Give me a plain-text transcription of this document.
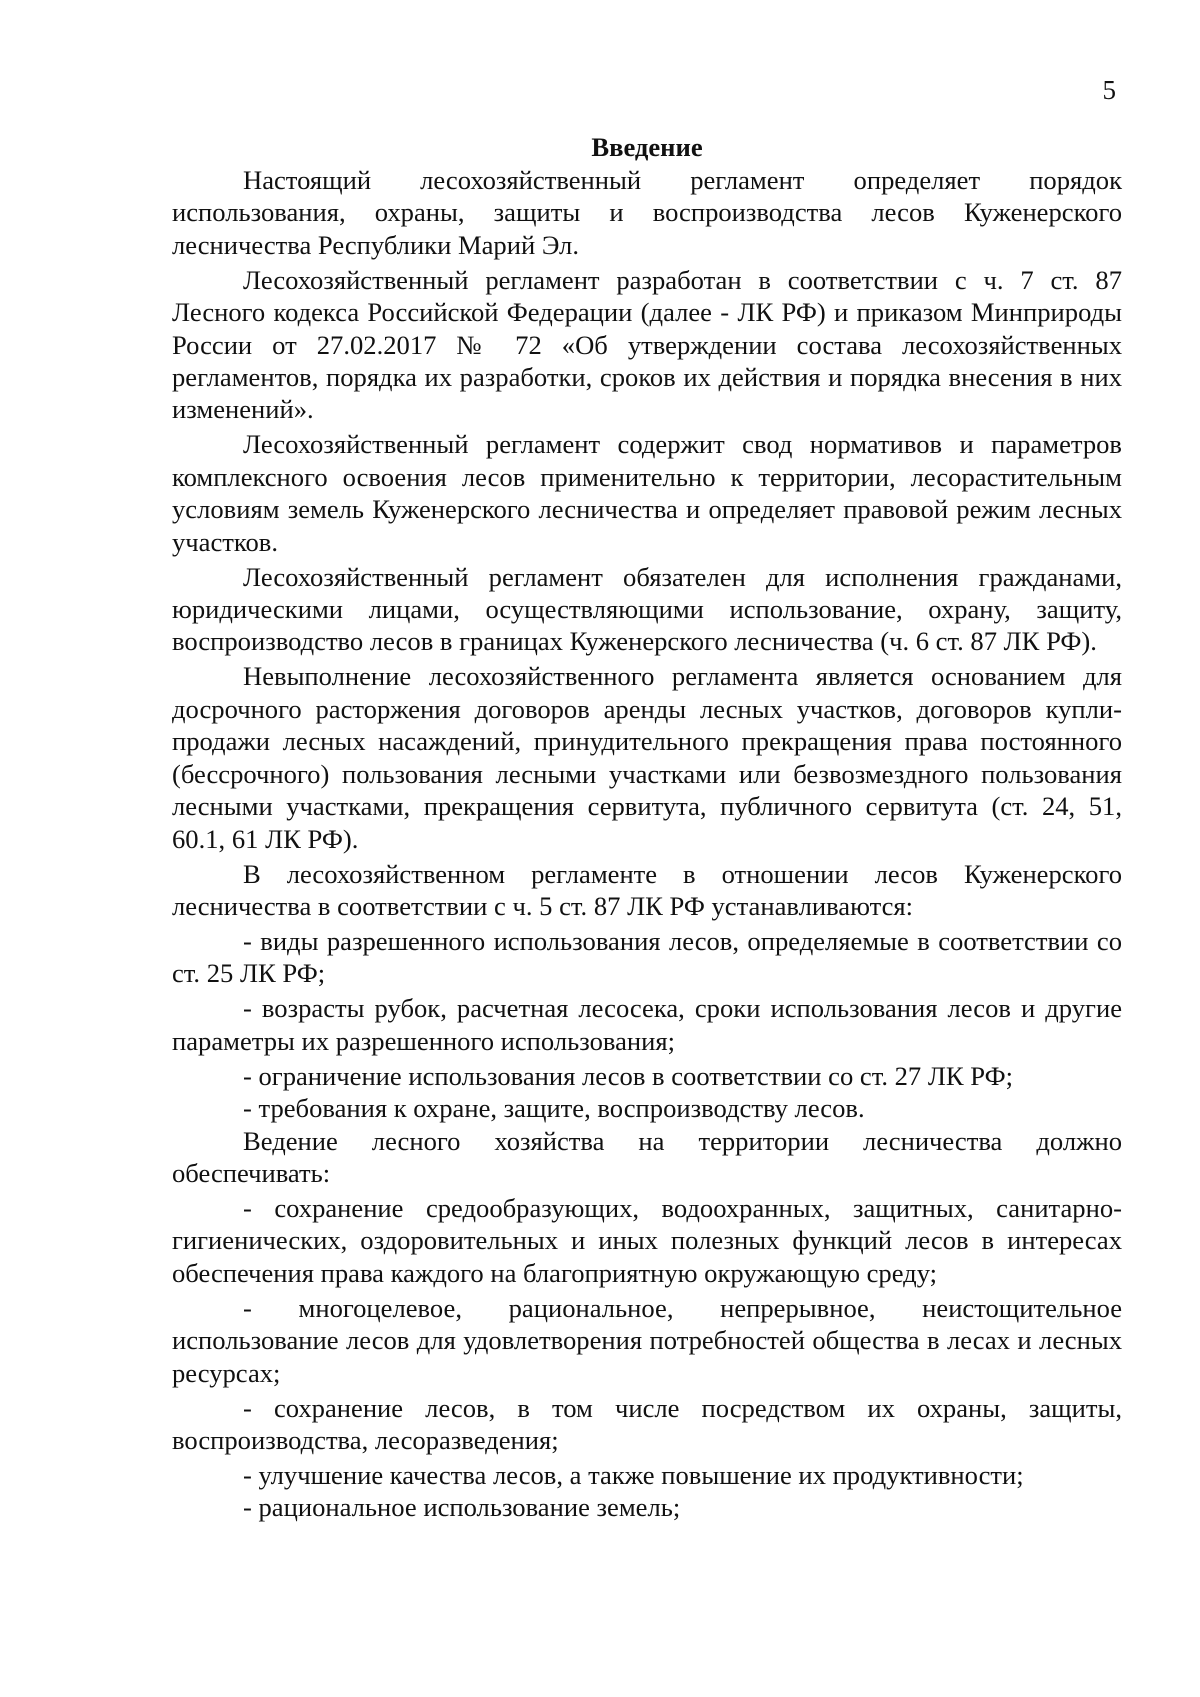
5
Введение

Настоящий лесохозяйственный регламент определяет порядок использования, охраны, защиты и воспроизводства лесов Куженерского лесничества Республики Марий Эл.

Лесохозяйственный регламент разработан в соответствии с ч. 7 ст. 87 Лесного кодекса Российской Федерации (далее - ЛК РФ) и приказом Минприроды России от 27.02.2017 № 72 «Об утверждении состава лесохозяйственных регламентов, порядка их разработки, сроков их действия и порядка внесения в них изменений».

Лесохозяйственный регламент содержит свод нормативов и параметров комплексного освоения лесов применительно к территории, лесорастительным условиям земель Куженерского лесничества и определяет правовой режим лесных участков.

Лесохозяйственный регламент обязателен для исполнения гражданами, юридическими лицами, осуществляющими использование, охрану, защиту, воспроизводство лесов в границах Куженерского лесничества (ч. 6 ст. 87 ЛК РФ).

Невыполнение лесохозяйственного регламента является основанием для досрочного расторжения договоров аренды лесных участков, договоров купли-продажи лесных насаждений, принудительного прекращения права постоянного (бессрочного) пользования лесными участками или безвозмездного пользования лесными участками, прекращения сервитута, публичного сервитута (ст. 24, 51, 60.1, 61 ЛК РФ).

В лесохозяйственном регламенте в отношении лесов Куженерского лесничества в соответствии с ч. 5 ст. 87 ЛК РФ устанавливаются:

- виды разрешенного использования лесов, определяемые в соответствии со ст. 25 ЛК РФ;

- возрасты рубок, расчетная лесосека, сроки использования лесов и другие параметры их разрешенного использования;

- ограничение использования лесов в соответствии со ст. 27 ЛК РФ;

- требования к охране, защите, воспроизводству лесов.

Ведение лесного хозяйства на территории лесничества должно обеспечивать:

- сохранение средообразующих, водоохранных, защитных, санитарно-гигиенических, оздоровительных и иных полезных функций лесов в интересах обеспечения права каждого на благоприятную окружающую среду;

- многоцелевое, рациональное, непрерывное, неистощительное использование лесов для удовлетворения потребностей общества в лесах и лесных ресурсах;

- сохранение лесов, в том числе посредством их охраны, защиты, воспроизводства, лесоразведения;

- улучшение качества лесов, а также повышение их продуктивности;

- рациональное использование земель;
